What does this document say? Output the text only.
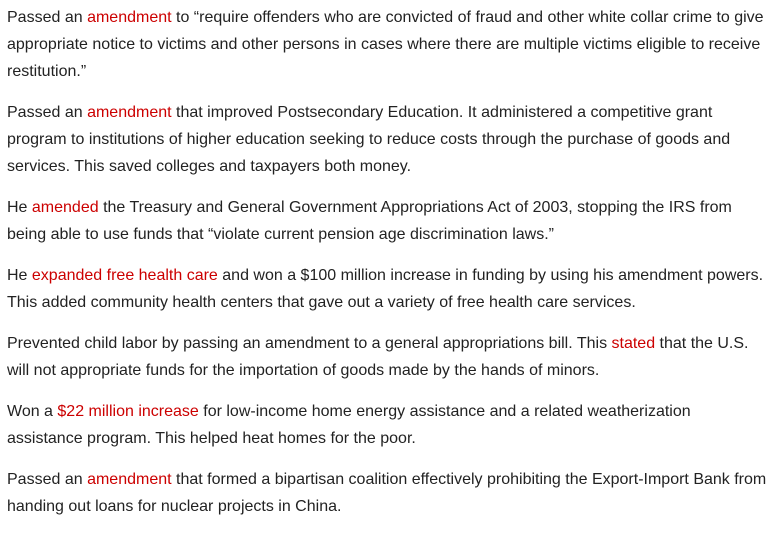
Passed an amendment to “require offenders who are convicted of fraud and other white collar crime to give appropriate notice to victims and other persons in cases where there are multiple victims eligible to receive restitution.”

Passed an amendment that improved Postsecondary Education. It administered a competitive grant program to institutions of higher education seeking to reduce costs through the purchase of goods and services. This saved colleges and taxpayers both money.

He amended the Treasury and General Government Appropriations Act of 2003, stopping the IRS from being able to use funds that “violate current pension age discrimination laws.”

He expanded free health care and won a $100 million increase in funding by using his amendment powers. This added community health centers that gave out a variety of free health care services.

Prevented child labor by passing an amendment to a general appropriations bill. This stated that the U.S. will not appropriate funds for the importation of goods made by the hands of minors.

Won a $22 million increase for low-income home energy assistance and a related weatherization assistance program. This helped heat homes for the poor.

Passed an amendment that formed a bipartisan coalition effectively prohibiting the Export-Import Bank from handing out loans for nuclear projects in China.
